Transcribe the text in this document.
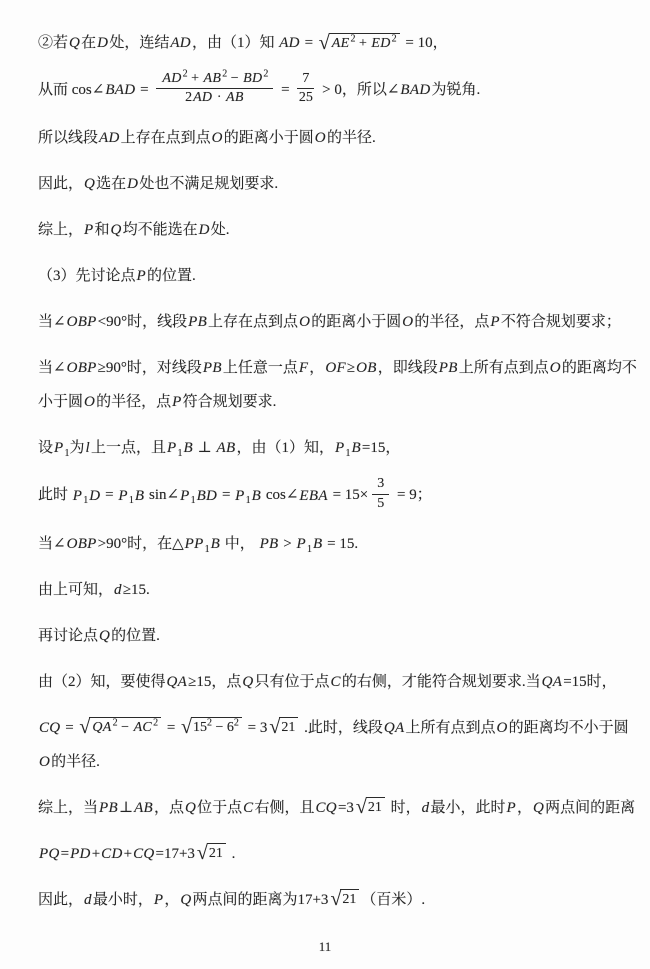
②若Q在D处，连结AD，由（1）知 AD = √ $AE^2 + ED^2 = 10$，

从而 cos∠BAD = $\frac{AD^2 + AB^2 - BD^2}{2AD \cdot AB} = \frac{7}{25} > 0$，所以∠BAD为锐角.

所以线段AD上存在点到点O的距离小于圆O的半径.

因此，Q选在D处也不满足规划要求.

综上，P和Q均不能选在D处.

（3）先讨论点P的位置.

当∠OBP<90°时，线段PB上存在点到点O的距离小于圆O的半径，点P不符合规划要求；

当∠OBP≥90°时，对线段PB上任意一点F，OF≥OB，即线段PB上所有点到点O的距离均不小于圆O的半径，点P符合规划要求.

设$P_1$为l上一点，且$P_1B$ ⊥ AB，由（1）知，$P_1B=15$，

此时 $P_1D = P_1B$ $\sin\angle P_1BD = P_1B$ cos∠EBA = $15\times \frac{3}{5} = 9$；

当∠OBP>90°时，在$\triangle PP_1B$ 中， PB > $P_1B = 15$.

由上可知，d≥15.

再讨论点Q的位置.

由（2）知，要使得QA≥15，点Q只有位于点C的右侧，才能符合规划要求.当QA=15时，

CQ = √ $QA^2 - AC^2$ = √ $15^2 - 6^2 = 3$ √ 21 .此时，线段QA上所有点到点O的距离均不小于圆O的半径.

综上，当PB⊥AB，点Q位于点C右侧，且CQ=3 √ 21 时，d最小，此时P，Q两点间的距离

PQ=PD+CD+CQ=17+3 √ 21 .

因此，d最小时，P，Q两点间的距离为17+3 √ 21 （百米）.

11
